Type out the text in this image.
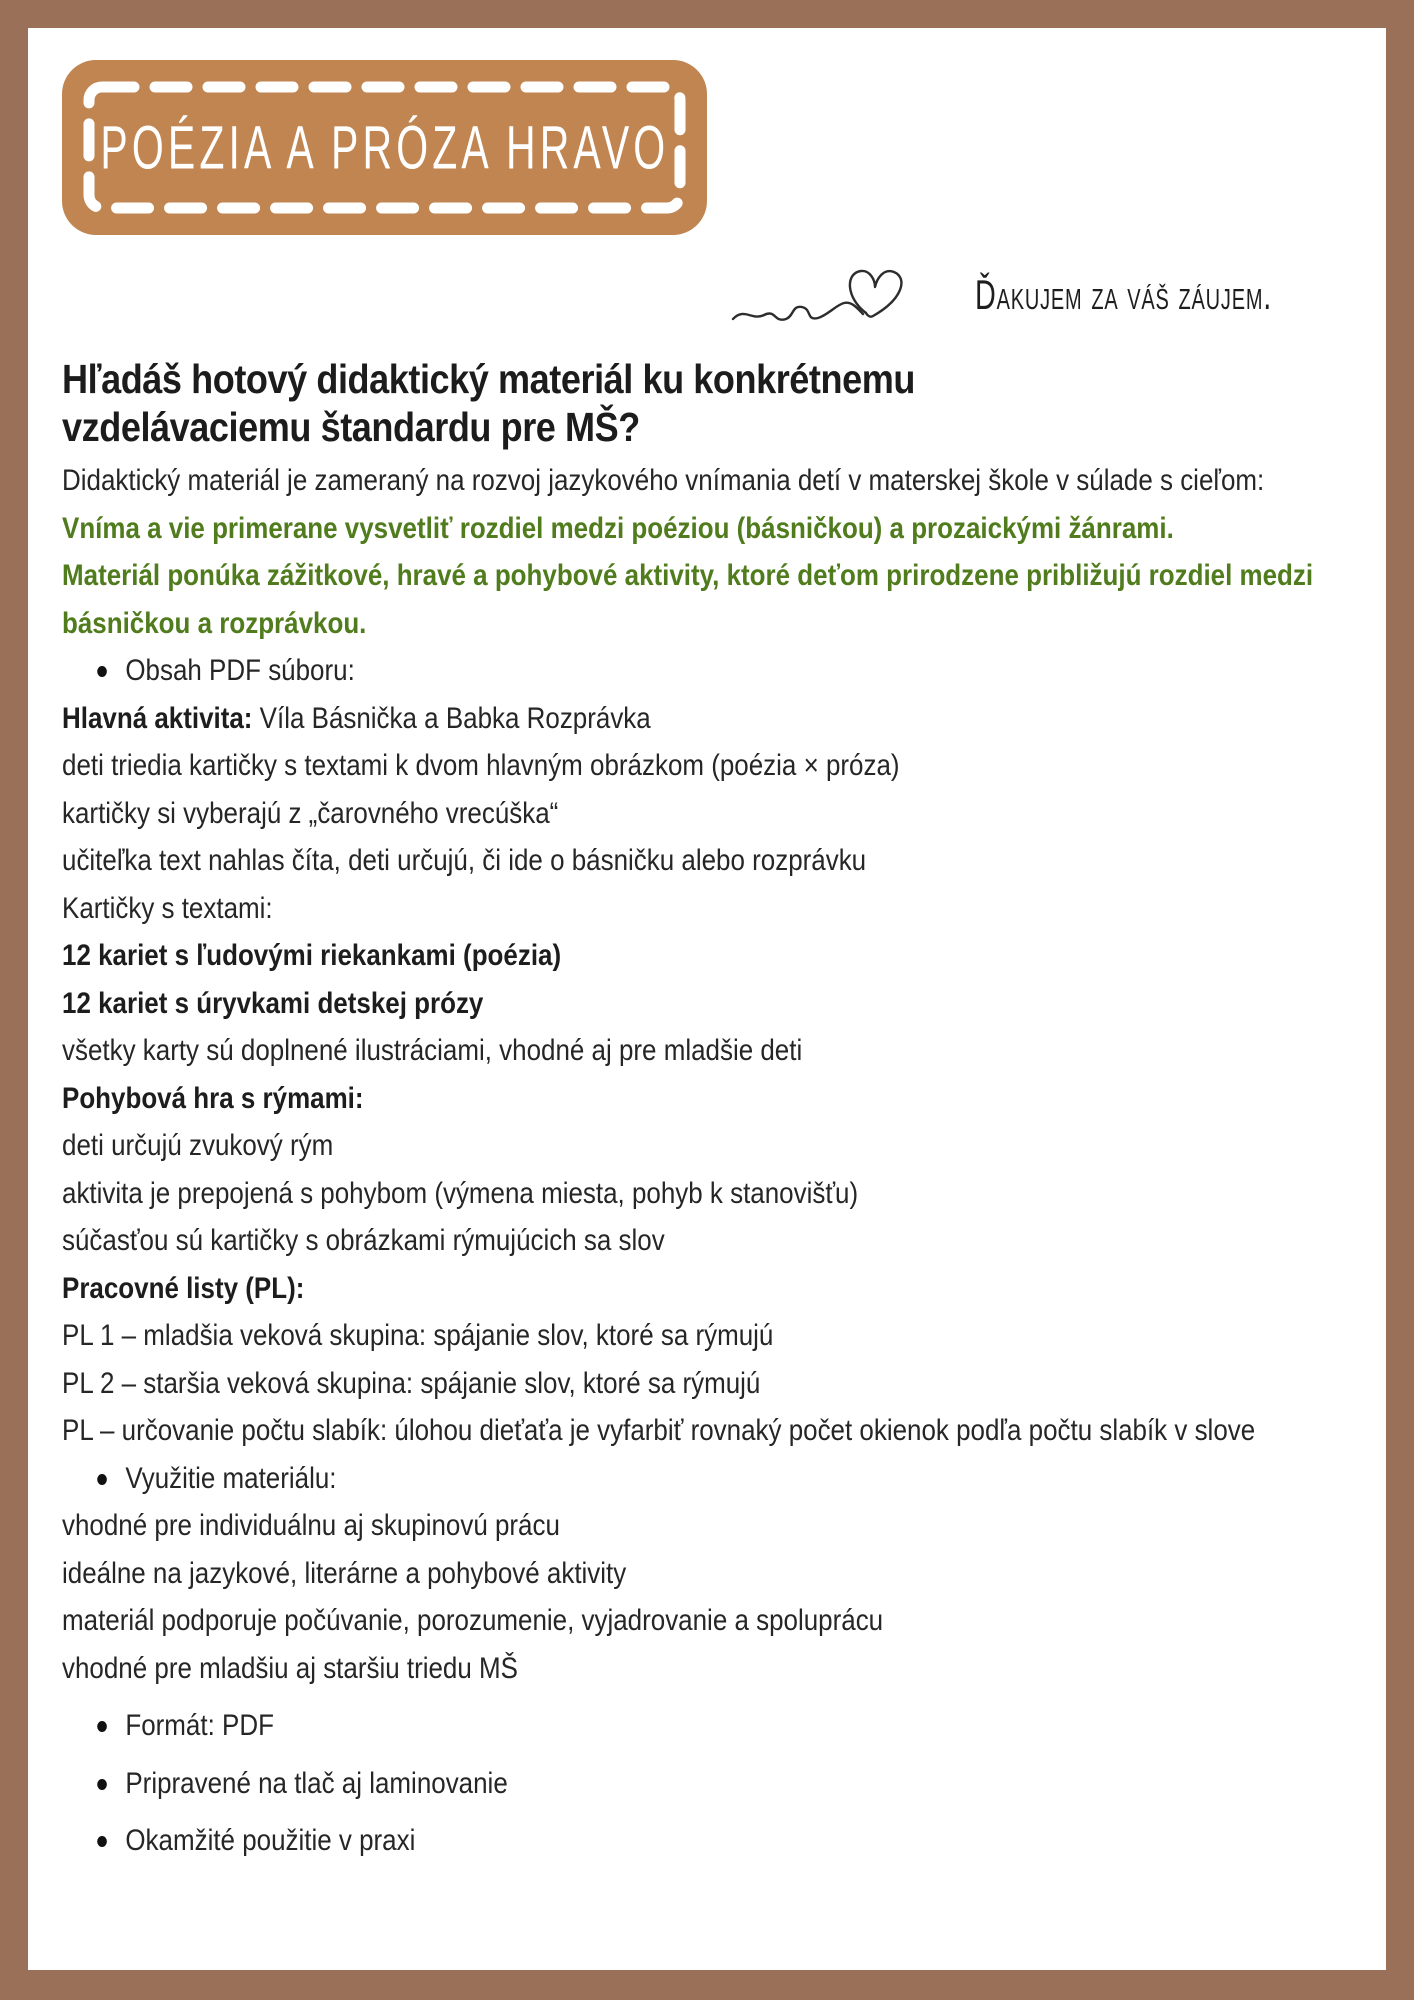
POÉZIA A PRÓZA HRAVO
Ďakujem za váš záujem.
Hľadáš hotový didaktický materiál ku konkrétnemu vzdelávaciemu štandardu pre MŠ?

Didaktický materiál je zameraný na rozvoj jazykového vnímania detí v materskej škole v súlade s cieľom:

Vníma a vie primerane vysvetliť rozdiel medzi poéziou (básničkou) a prozaickými žánrami.

Materiál ponúka zážitkové, hravé a pohybové aktivity, ktoré deťom prirodzene približujú rozdiel medzi básničkou a rozprávkou.

Obsah PDF súboru:

Hlavná aktivita: Víla Básnička a Babka Rozprávka

deti triedia kartičky s textami k dvom hlavným obrázkom (poézia × próza)

kartičky si vyberajú z „čarovného vrecúška“

učiteľka text nahlas číta, deti určujú, či ide o básničku alebo rozprávku

Kartičky s textami:

12 kariet s ľudovými riekankami (poézia)

12 kariet s úryvkami detskej prózy

všetky karty sú doplnené ilustráciami, vhodné aj pre mladšie deti

Pohybová hra s rýmami:

deti určujú zvukový rým

aktivita je prepojená s pohybom (výmena miesta, pohyb k stanovišťu)

súčasťou sú kartičky s obrázkami rýmujúcich sa slov

Pracovné listy (PL):

PL 1 – mladšia veková skupina: spájanie slov, ktoré sa rýmujú

PL 2 – staršia veková skupina: spájanie slov, ktoré sa rýmujú

PL – určovanie počtu slabík: úlohou dieťaťa je vyfarbiť rovnaký počet okienok podľa počtu slabík v slove

Využitie materiálu:

vhodné pre individuálnu aj skupinovú prácu

ideálne na jazykové, literárne a pohybové aktivity

materiál podporuje počúvanie, porozumenie, vyjadrovanie a spoluprácu

vhodné pre mladšiu aj staršiu triedu MŠ

Formát: PDF

Pripravené na tlač aj laminovanie

Okamžité použitie v praxi
